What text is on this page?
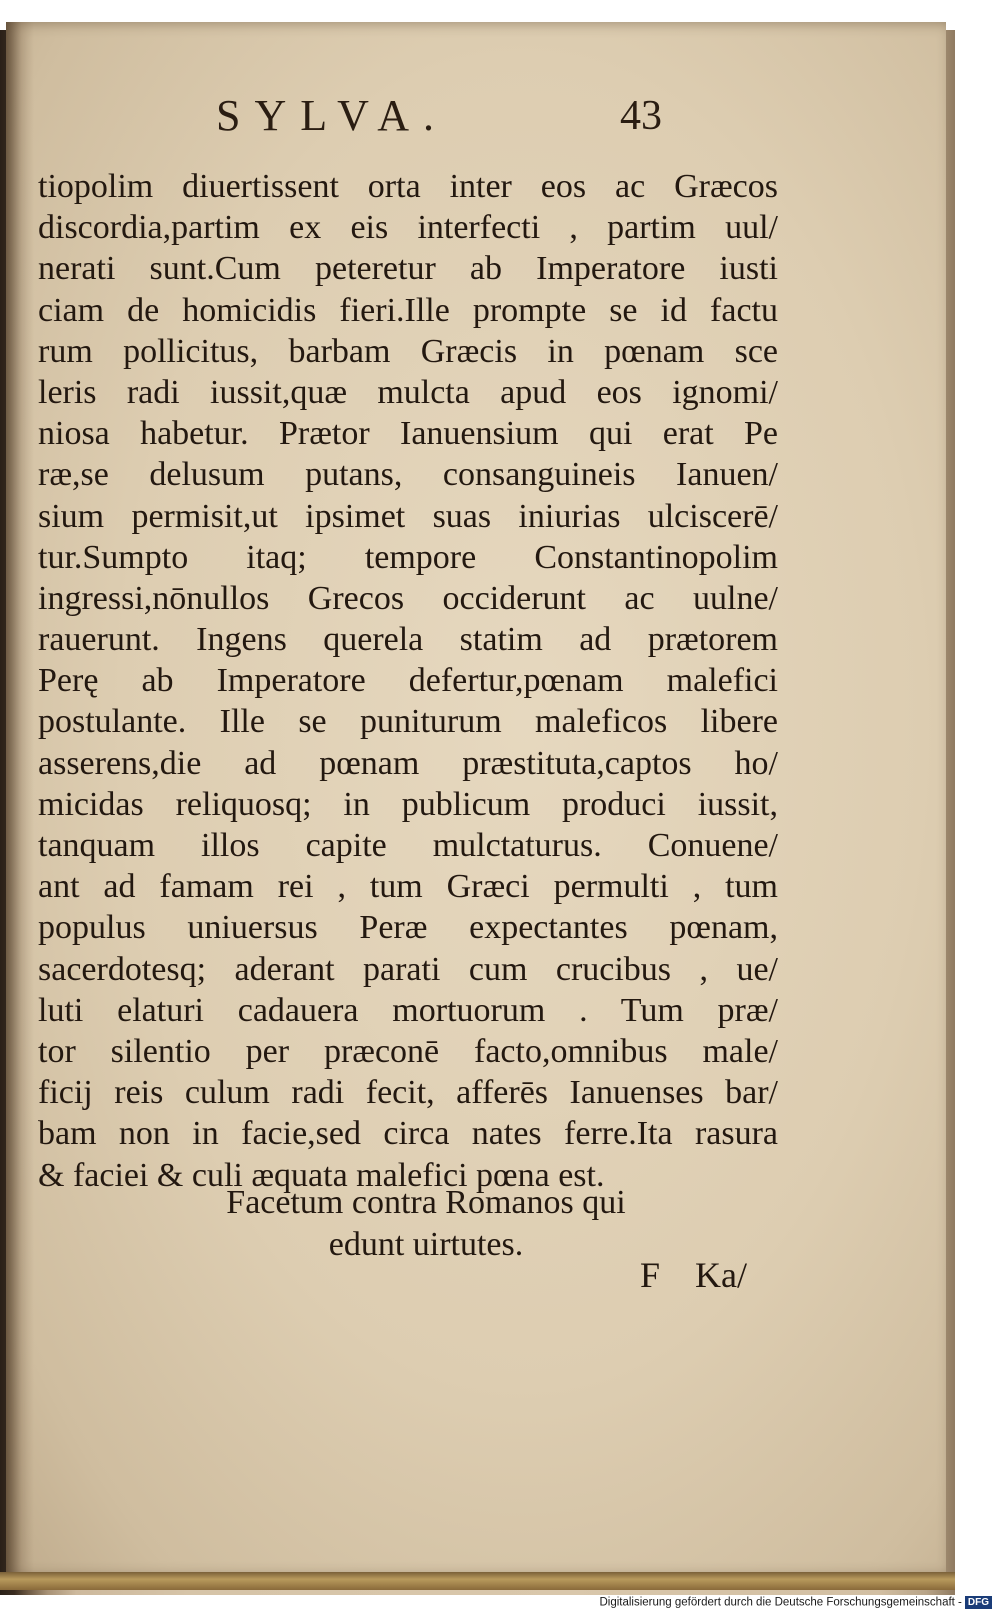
SYLVA.	43
tiopolim diuertissent orta inter eos ac Græcos
discordia,partim ex eis interfecti , partim uul/
nerati sunt.Cum peteretur ab Imperatore iusti
ciam de homicidis fieri.Ille prompte se id factu
rum pollicitus, barbam Græcis in pœnam sce
leris radi iussit,quæ mulcta apud eos ignomi/
niosa habetur. Prætor Ianuensium qui erat Pe
ræ,se delusum putans, consanguineis Ianuen/
sium permisit,ut ipsimet suas iniurias ulciscerē/
tur.Sumpto itaq; tempore Constantinopolim
ingressi,nōnullos Grecos occiderunt ac uulne/
rauerunt. Ingens querela statim ad prætorem
Perę ab Imperatore defertur,pœnam malefici
postulante. Ille se puniturum maleficos libere
asserens,die ad pœnam præstituta,captos ho/
micidas reliquosq; in publicum produci iussit,
tanquam illos capite mulctaturus. Conuene/
ant ad famam rei , tum Græci permulti , tum
populus uniuersus Peræ expectantes pœnam,
sacerdotesq; aderant parati cum crucibus , ue/
luti elaturi cadauera mortuorum . Tum præ/
tor silentio per præconē facto,omnibus male/
ficij reis culum radi fecit, afferēs Ianuenses bar/
bam non in facie,sed circa nates ferre.Ita rasura
& faciei & culi æquata malefici pœna est.
Facetum contra Romanos qui
edunt uirtutes.
F Ka/
Digitalisierung gefördert durch die Deutsche Forschungsgemeinschaft - DFG
